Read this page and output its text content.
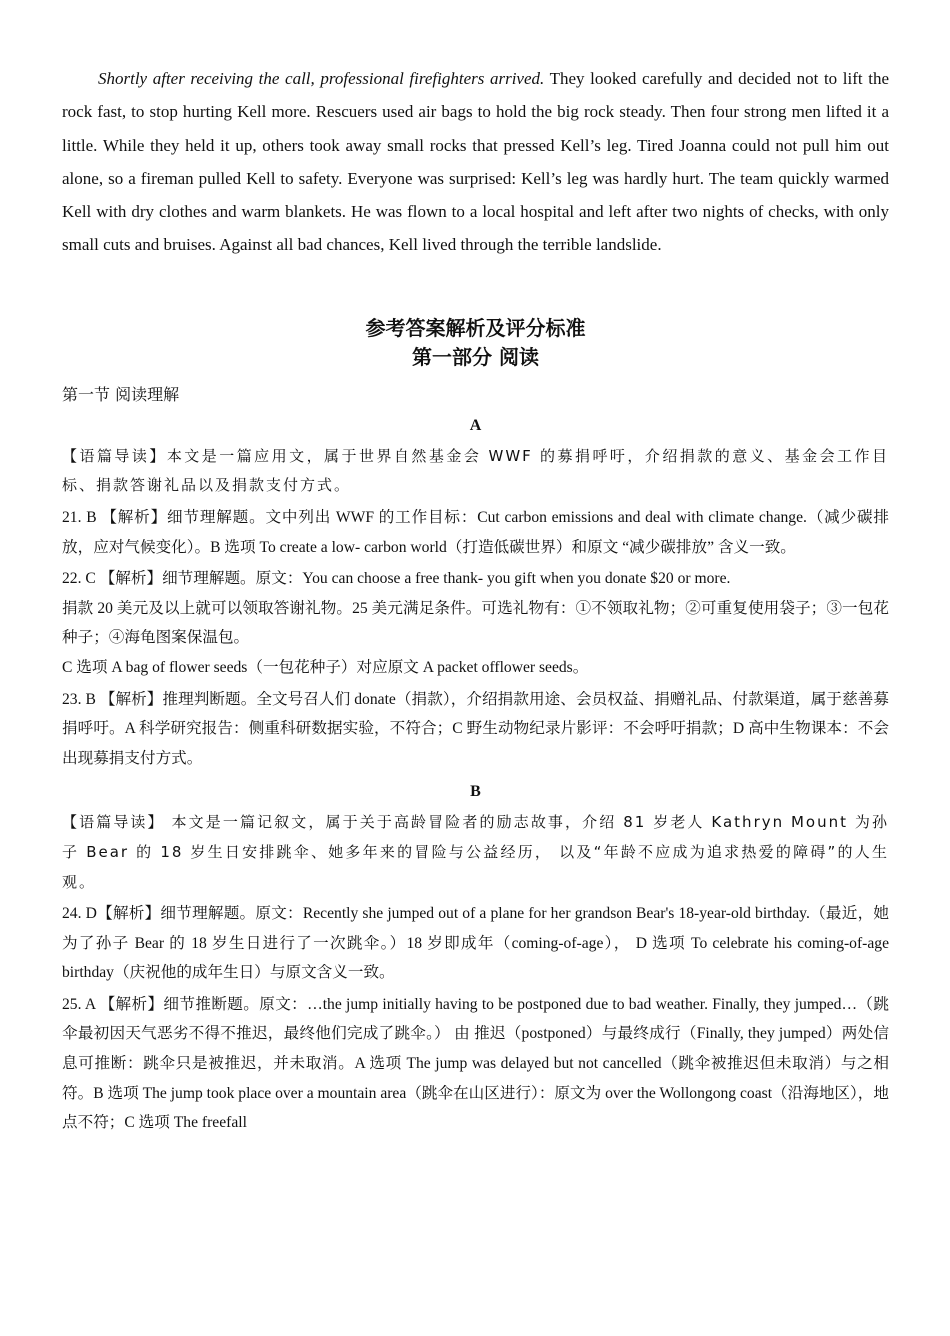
Shortly after receiving the call, professional firefighters arrived. They looked carefully and decided not to lift the rock fast, to stop hurting Kell more. Rescuers used air bags to hold the big rock steady. Then four strong men lifted it a little. While they held it up, others took away small rocks that pressed Kell’s leg. Tired Joanna could not pull him out alone, so a fireman pulled Kell to safety. Everyone was surprised: Kell’s leg was hardly hurt. The team quickly warmed Kell with dry clothes and warm blankets. He was flown to a local hospital and left after two nights of checks, with only small cuts and bruises. Against all bad chances, Kell lived through the terrible landslide.

参考答案解析及评分标准

第一部分 阅读

第一节 阅读理解

A

【语篇导读】本文是一篇应用文，属于世界自然基金会 WWF 的募捐呼吁，介绍捐款的意义、基金会工作目标、捐款答谢礼品以及捐款支付方式。

21. B 【解析】细节理解题。文中列出 WWF 的工作目标：Cut carbon emissions and deal with climate change.（减少碳排放，应对气候变化）。B 选项 To create a low- carbon world（打造低碳世界）和原文 “减少碳排放” 含义一致。

22. C 【解析】细节理解题。原文：You can choose a free thank- you gift when you donate $20 or more.

捐款 20 美元及以上就可以领取答谢礼物。25 美元满足条件。可选礼物有：①不领取礼物；②可重复使用袋子；③一包花种子；④海龟图案保温包。

C 选项 A bag of flower seeds（一包花种子）对应原文 A packet offlower seeds。

23. B 【解析】推理判断题。全文号召人们 donate（捐款），介绍捐款用途、会员权益、捐赠礼品、付款渠道，属于慈善募捐呼吁。A 科学研究报告：侧重科研数据实验，不符合；C 野生动物纪录片影评：不会呼吁捐款；D 高中生物课本：不会出现募捐支付方式。

B

【语篇导读】 本文是一篇记叙文，属于关于高龄冒险者的励志故事，介绍 81 岁老人 Kathryn Mount 为孙子 Bear 的 18 岁生日安排跳伞、她多年来的冒险与公益经历， 以及“年龄不应成为追求热爱的障碍”的人生观。

24. D【解析】细节理解题。原文：Recently she jumped out of a plane for her grandson Bear's 18-year-old birthday.（最近，她为了孙子 Bear 的 18 岁生日进行了一次跳伞。）18 岁即成年（coming-of-age）， D 选项 To celebrate his coming-of-age birthday（庆祝他的成年生日）与原文含义一致。

25. A 【解析】细节推断题。原文：…the jump initially having to be postponed due to bad weather. Finally, they jumped…（跳伞最初因天气恶劣不得不推迟，最终他们完成了跳伞。） 由 推迟（postponed）与最终成行（Finally, they jumped）两处信息可推断：跳伞只是被推迟，并未取消。A 选项 The jump was delayed but not cancelled（跳伞被推迟但未取消）与之相符。B 选项 The jump took place over a mountain area（跳伞在山区进行）：原文为 over the Wollongong coast（沿海地区），地点不符；C 选项 The freefall
